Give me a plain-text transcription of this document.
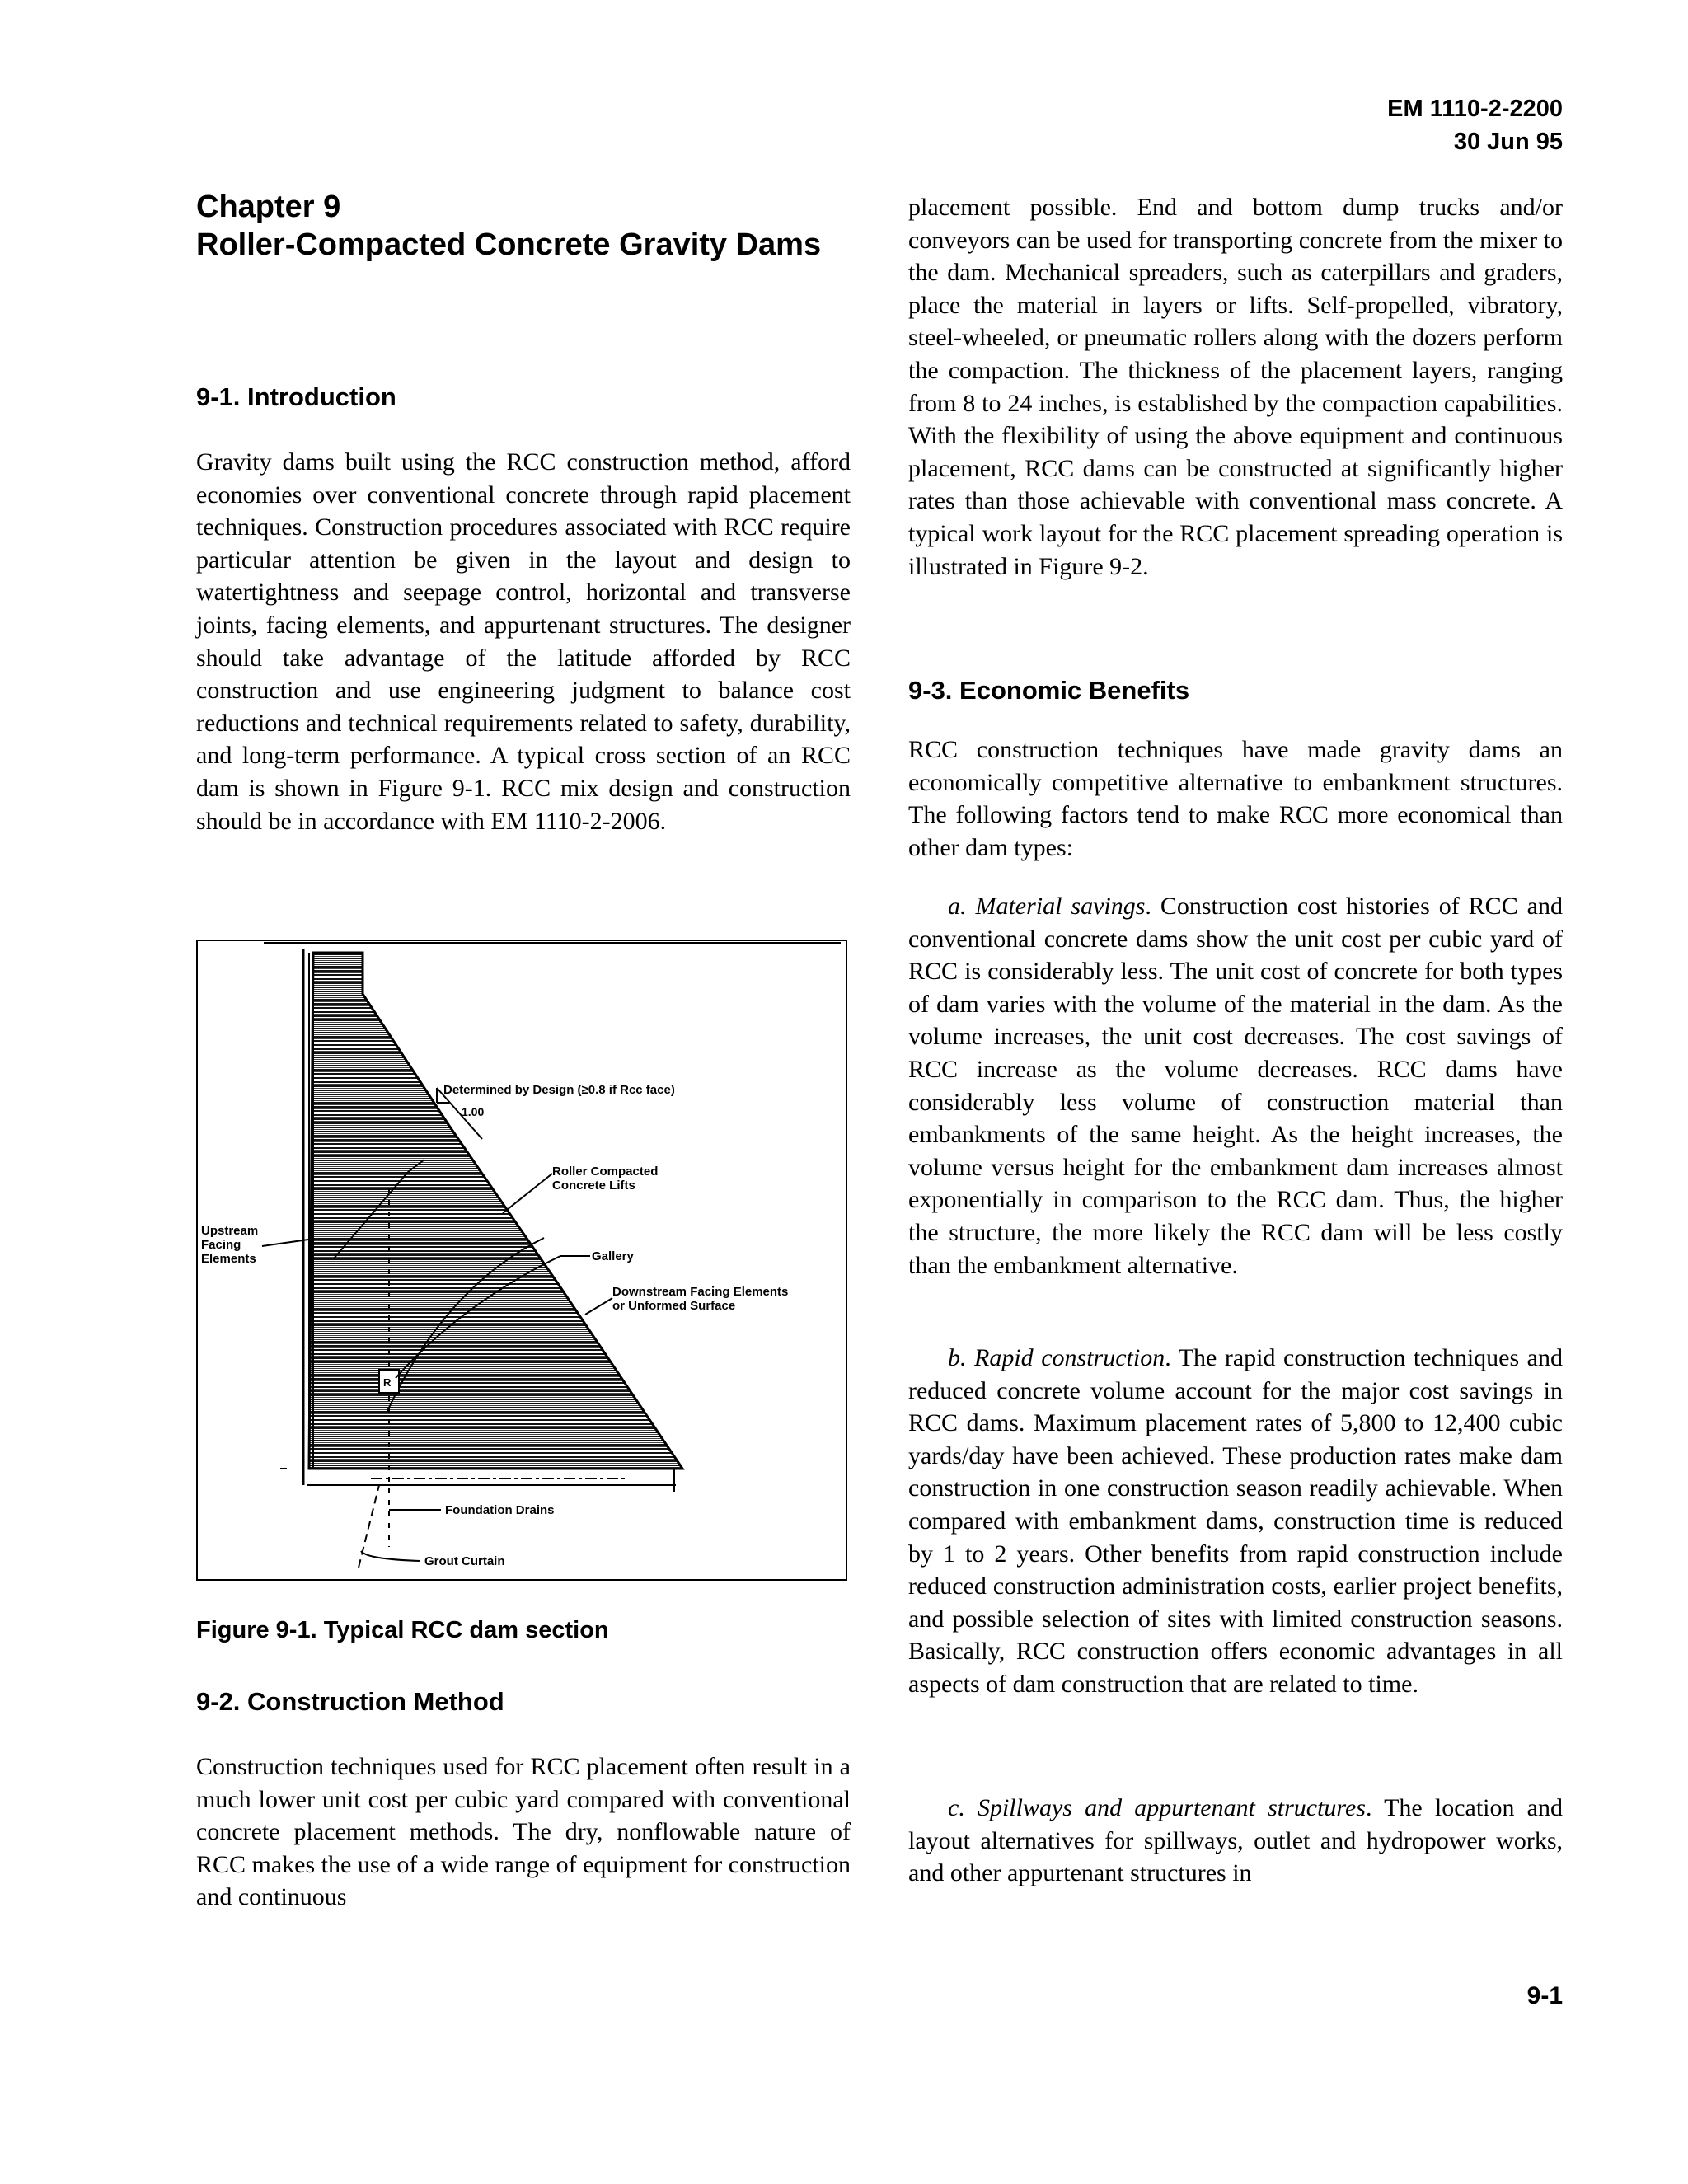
EM 1110-2-2200
30 Jun 95
Chapter 9
Roller-Compacted Concrete Gravity Dams
9-1. Introduction

Gravity dams built using the RCC construction method, afford economies over conventional concrete through rapid placement techniques. Construction procedures associated with RCC require particular attention be given in the layout and design to watertightness and seepage control, horizontal and transverse joints, facing elements, and appurtenant structures. The designer should take advantage of the latitude afforded by RCC construction and use engineering judgment to balance cost reductions and technical requirements related to safety, durability, and long-term performance. A typical cross section of an RCC dam is shown in Figure 9-1. RCC mix design and construction should be in accordance with EM 1110-2-2006.

R
Determined by Design (≥0.8 if Rcc face)
1.00
Roller Compacted
Concrete Lifts
Upstream
Facing
Elements	Gallery
Downstream Facing Elements
or Unformed Surface
Foundation Drains
Grout Curtain
Figure 9-1. Typical RCC dam section
9-2. Construction Method

Construction techniques used for RCC placement often result in a much lower unit cost per cubic yard compared with conventional concrete placement methods. The dry, nonflowable nature of RCC makes the use of a wide range of equipment for construction and continuous

placement possible. End and bottom dump trucks and/or conveyors can be used for transporting concrete from the mixer to the dam. Mechanical spreaders, such as caterpillars and graders, place the material in layers or lifts. Self-propelled, vibratory, steel-wheeled, or pneumatic rollers along with the dozers perform the compaction. The thickness of the placement layers, ranging from 8 to 24 inches, is established by the compaction capabilities. With the flexibility of using the above equipment and continuous placement, RCC dams can be constructed at significantly higher rates than those achievable with conventional mass concrete. A typical work layout for the RCC placement spreading operation is illustrated in Figure 9-2.

9-3. Economic Benefits

RCC construction techniques have made gravity dams an economically competitive alternative to embankment structures. The following factors tend to make RCC more economical than other dam types:

a. Material savings. Construction cost histories of RCC and conventional concrete dams show the unit cost per cubic yard of RCC is considerably less. The unit cost of concrete for both types of dam varies with the volume of the material in the dam. As the volume increases, the unit cost decreases. The cost savings of RCC increase as the volume decreases. RCC dams have considerably less volume of construction material than embankments of the same height. As the height increases, the volume versus height for the embankment dam increases almost exponentially in comparison to the RCC dam. Thus, the higher the structure, the more likely the RCC dam will be less costly than the embankment alternative.

b. Rapid construction. The rapid construction techniques and reduced concrete volume account for the major cost savings in RCC dams. Maximum placement rates of 5,800 to 12,400 cubic yards/day have been achieved. These production rates make dam construction in one construction season readily achievable. When compared with embankment dams, construction time is reduced by 1 to 2 years. Other benefits from rapid construction include reduced construction administration costs, earlier project benefits, and possible selection of sites with limited construction seasons. Basically, RCC construction offers economic advantages in all aspects of dam construction that are related to time.

c. Spillways and appurtenant structures. The location and layout alternatives for spillways, outlet and hydropower works, and other appurtenant structures in

9-1
